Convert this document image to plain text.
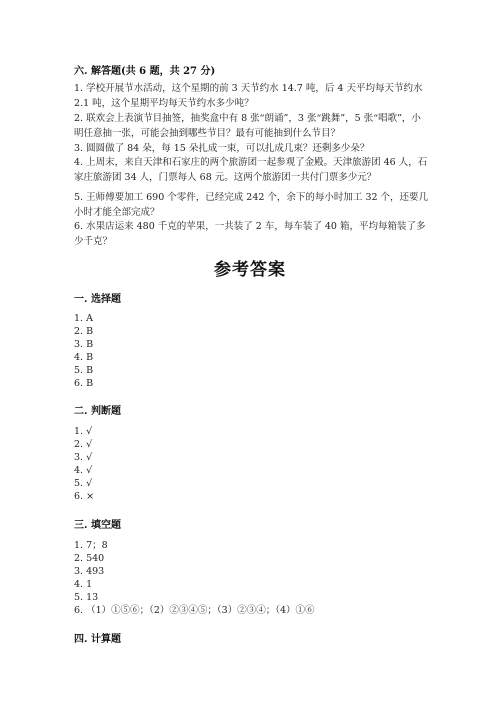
六. 解答题(共 6 题，共 27 分)
1. 学校开展节水活动，这个星期的前 3 天节约水 14.7 吨，后 4 天平均每天节约水 2.1 吨，这个星期平均每天节约水多少吨？
2. 联欢会上表演节目抽签，抽奖盒中有 8 张“朗诵”，3 张“跳舞”，5 张“唱歌”，小明任意抽一张，可能会抽到哪些节目？最有可能抽到什么节目？
3. 圆圆做了 84 朵，每 15 朵扎成一束，可以扎成几束？还剩多少朵？
4. 上周末，来自天津和石家庄的两个旅游团一起参观了金殿。天津旅游团 46 人，石家庄旅游团 34 人，门票每人 68 元。这两个旅游团一共付门票多少元？
5. 王师傅要加工 690 个零件，已经完成 242 个，余下的每小时加工 32 个，还要几小时才能全部完成？
6. 水果店运来 480 千克的苹果，一共装了 2 车，每车装了 40 箱，平均每箱装了多少千克？
参考答案
一. 选择题
1. A
2. B
3. B
4. B
5. B
6. B
二. 判断题
1. √
2. √
3. √
4. √
5. √
6. ×
三. 填空题
1. 7；8
2. 540
3. 493
4. 1
5. 13
6. （1）①⑤⑥；（2）②③④⑤；（3）②③④；（4）①⑥
四. 计算题
